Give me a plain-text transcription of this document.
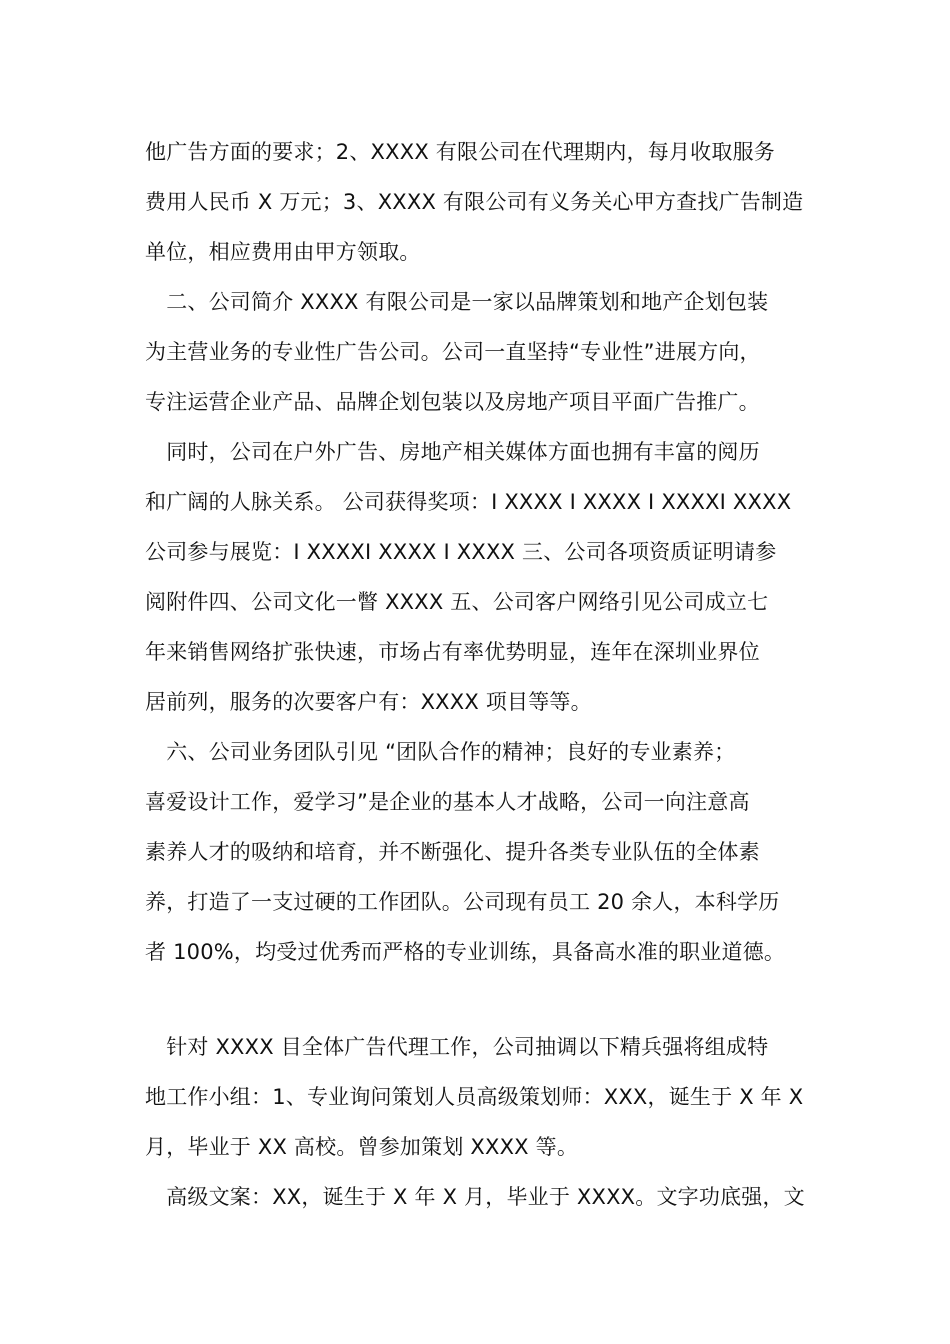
他广告方面的要求；2、XXXX 有限公司在代理期内，每月收取服务
费用人民币 X 万元；3、XXXX 有限公司有义务关心甲方查找广告制造
单位，相应费用由甲方领取。
　二、公司简介 XXXX 有限公司是一家以品牌策划和地产企划包装
为主营业务的专业性广告公司。公司一直坚持“专业性”进展方向，
专注运营企业产品、品牌企划包装以及房地产项目平面广告推广。
　同时，公司在户外广告、房地产相关媒体方面也拥有丰富的阅历
和广阔的人脉关系。 公司获得奖项：I XXXX I XXXX I XXXXI XXXX
公司参与展览：I XXXXI XXXX I XXXX 三、公司各项资质证明请参
阅附件四、公司文化一瞥 XXXX 五、公司客户网络引见公司成立七
年来销售网络扩张快速，市场占有率优势明显，连年在深圳业界位
居前列，服务的次要客户有：XXXX 项目等等。
　六、公司业务团队引见 “团队合作的精神；良好的专业素养；
喜爱设计工作，爱学习”是企业的基本人才战略，公司一向注意高
素养人才的吸纳和培育，并不断强化、提升各类专业队伍的全体素
养，打造了一支过硬的工作团队。公司现有员工 20 余人，本科学历
者 100%，均受过优秀而严格的专业训练，具备高水准的职业道德。
　针对 XXXX 目全体广告代理工作，公司抽调以下精兵强将组成特
地工作小组：1、专业询问策划人员高级策划师：XXX，诞生于 X 年 X
月，毕业于 XX 高校。曾参加策划 XXXX 等。
　高级文案：XX，诞生于 X 年 X 月，毕业于 XXXX。文字功底强，文
